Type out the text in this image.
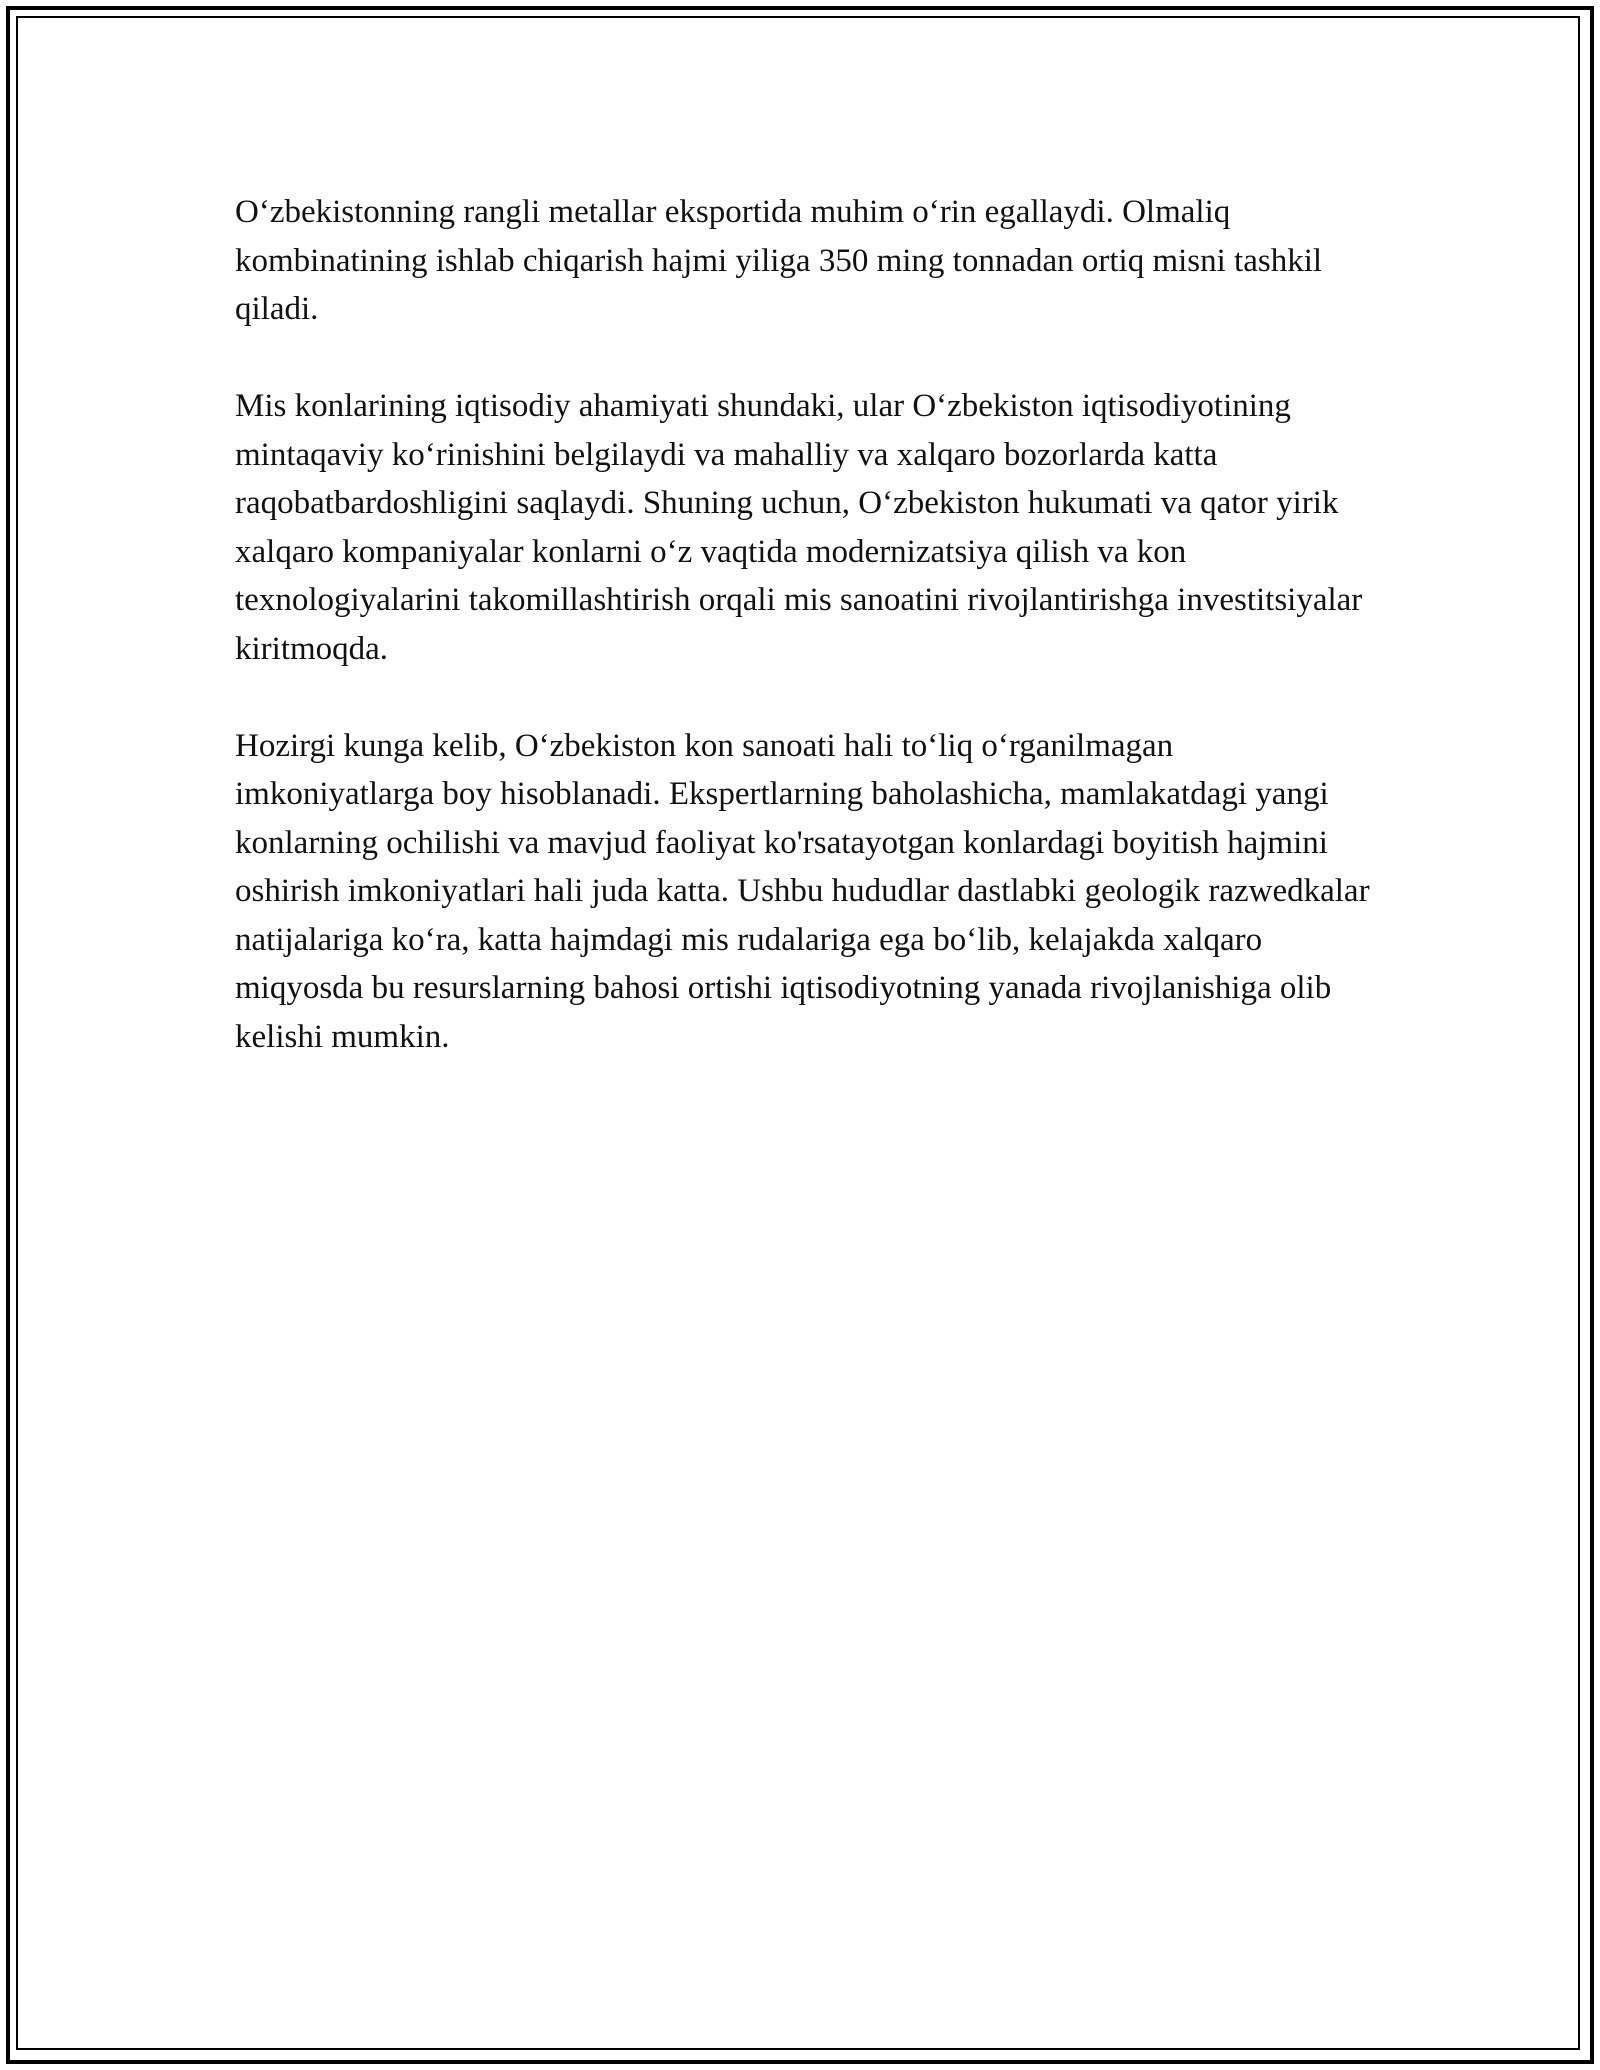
O‘zbekistonning rangli metallar eksportida muhim o‘rin egallaydi. Olmaliq kombinatining ishlab chiqarish hajmi yiliga 350 ming tonnadan ortiq misni tashkil qiladi.

Mis konlarining iqtisodiy ahamiyati shundaki, ular O‘zbekiston iqtisodiyotining mintaqaviy ko‘rinishini belgilaydi va mahalliy va xalqaro bozorlarda katta raqobatbardoshligini saqlaydi. Shuning uchun, O‘zbekiston hukumati va qator yirik xalqaro kompaniyalar konlarni o‘z vaqtida modernizatsiya qilish va kon texnologiyalarini takomillashtirish orqali mis sanoatini rivojlantirishga investitsiyalar kiritmoqda.

Hozirgi kunga kelib, O‘zbekiston kon sanoati hali to‘liq o‘rganilmagan imkoniyatlarga boy hisoblanadi. Ekspertlarning baholashicha, mamlakatdagi yangi konlarning ochilishi va mavjud faoliyat ko'rsatayotgan konlardagi boyitish hajmini oshirish imkoniyatlari hali juda katta. Ushbu hududlar dastlabki geologik razwedkalar natijalariga ko‘ra, katta hajmdagi mis rudalariga ega bo‘lib, kelajakda xalqaro miqyosda bu resurslarning bahosi ortishi iqtisodiyotning yanada rivojlanishiga olib kelishi mumkin.
